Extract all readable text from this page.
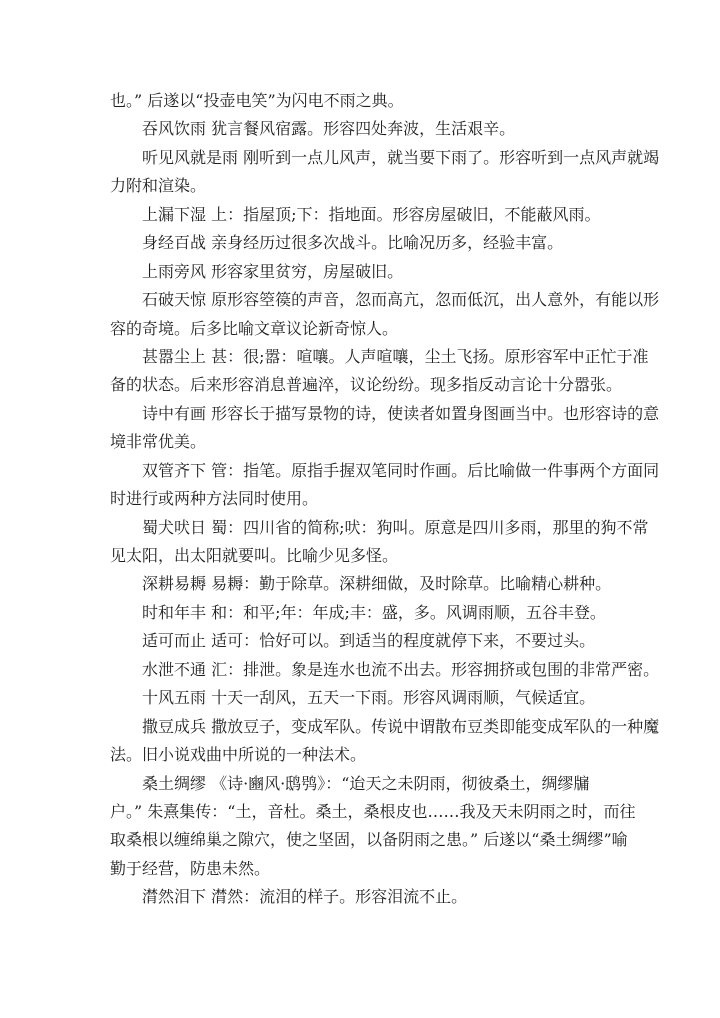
也。” 后遂以“投壶电笑”为闪电不雨之典。
吞风饮雨 犹言餐风宿露。形容四处奔波，生活艰辛。
听见风就是雨 刚听到一点儿风声，就当要下雨了。形容听到一点风声就竭
力附和渲染。
上漏下湿 上：指屋顶;下：指地面。形容房屋破旧，不能蔽风雨。
身经百战 亲身经历过很多次战斗。比喻况历多，经验丰富。
上雨旁风 形容家里贫穷，房屋破旧。
石破天惊 原形容箜篌的声音，忽而高亢，忽而低沉，出人意外，有能以形
容的奇境。后多比喻文章议论新奇惊人。
甚嚣尘上 甚：很;嚣：喧嚷。人声喧嚷，尘土飞扬。原形容军中正忙于准
备的状态。后来形容消息普遍淬，议论纷纷。现多指反动言论十分嚣张。
诗中有画 形容长于描写景物的诗，使读者如置身图画当中。也形容诗的意
境非常优美。
双管齐下 管：指笔。原指手握双笔同时作画。后比喻做一件事两个方面同
时进行或两种方法同时使用。
蜀犬吠日 蜀：四川省的简称;吠：狗叫。原意是四川多雨，那里的狗不常
见太阳，出太阳就要叫。比喻少见多怪。
深耕易耨 易耨：勤于除草。深耕细做，及时除草。比喻精心耕种。
时和年丰 和：和平;年：年成;丰：盛，多。风调雨顺，五谷丰登。
适可而止 适可：恰好可以。到适当的程度就停下来，不要过头。
水泄不通 汇：排泄。象是连水也流不出去。形容拥挤或包围的非常严密。
十风五雨 十天一刮风，五天一下雨。形容风调雨顺，气候适宜。
撒豆成兵 撒放豆子，变成军队。传说中谓散布豆类即能变成军队的一种魔
法。旧小说戏曲中所说的一种法术。
桑土绸缪 《诗·豳风·鸱鸮》：“迨天之未阴雨，彻彼桑土，绸缪牖
户。” 朱熹集传：“土，音杜。桑土，桑根皮也……我及天未阴雨之时，而往
取桑根以缠绵巢之隙穴，使之坚固，以备阴雨之患。” 后遂以“桑土绸缪”喻
勤于经营，防患未然。
潸然泪下 潸然：流泪的样子。形容泪流不止。
